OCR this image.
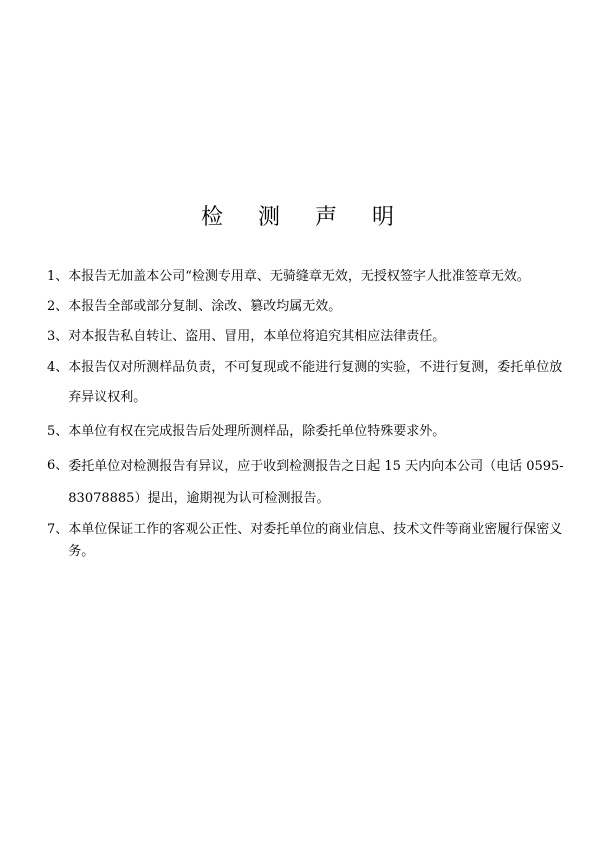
检 测 声 明
1、 本报告无加盖本公司“检测专用章、无骑缝章无效，无授权签字人批准签章无效。
2、 本报告全部或部分复制、涂改、篡改均属无效。
3、 对本报告私自转让、盗用、冒用，本单位将追究其相应法律责任。
4、 本报告仅对所测样品负责，不可复现或不能进行复测的实验，不进行复测，委托单位放弃异议权利。
5、 本单位有权在完成报告后处理所测样品，除委托单位特殊要求外。
6、 委托单位对检测报告有异议，应于收到检测报告之日起 15 天内向本公司（电话 0595-83078885）提出，逾期视为认可检测报告。
7、 本单位保证工作的客观公正性、对委托单位的商业信息、技术文件等商业密履行保密义务。
